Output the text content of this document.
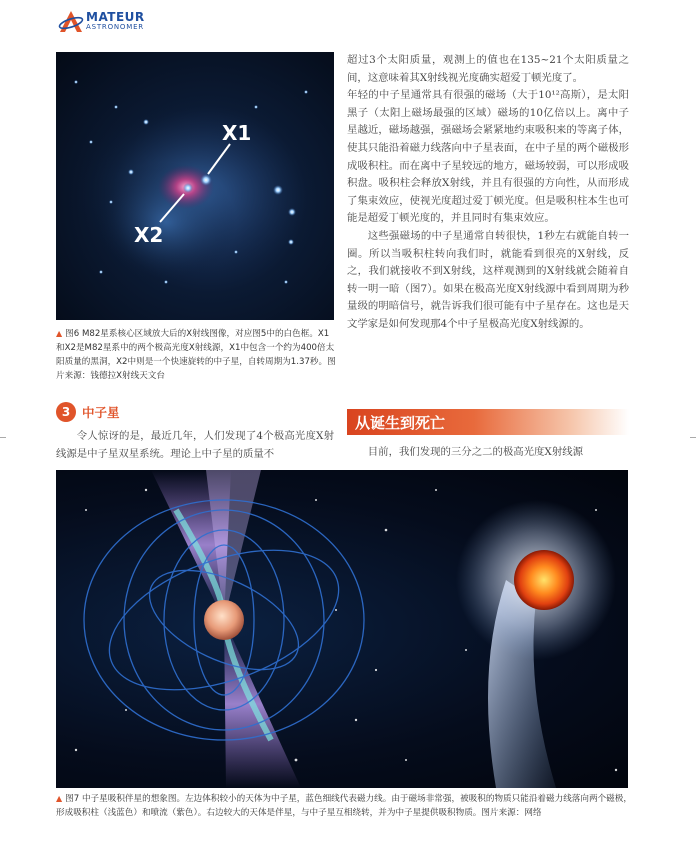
MATEUR
ASTRONOMER
X1
X2
▲ 图6 M82星系核心区域放大后的X射线图像，对应图5中的白色框。X1和X2是M82星系中的两个极高光度X射线源，X1中包含一个约为400倍太阳质量的黑洞，X2中则是一个快速旋转的中子星，自转周期为1.37秒。图片来源：钱德拉X射线天文台

超过3个太阳质量，观测上的值也在135~21个太阳质量之间，这意味着其X射线视光度确实超爱丁顿光度了。

年轻的中子星通常具有很强的磁场（大于10¹²高斯），是太阳黑子（太阳上磁场最强的区域）磁场的10亿倍以上。离中子星越近，磁场越强，强磁场会紧紧地约束吸积来的等离子体，使其只能沿着磁力线落向中子星表面，在中子星的两个磁极形成吸积柱。而在离中子星较远的地方，磁场较弱，可以形成吸积盘。吸积柱会释放X射线，并且有很强的方向性，从而形成了集束效应，使视光度超过爱丁顿光度。但是吸积柱本生也可能是超爱丁顿光度的，并且同时有集束效应。

这些强磁场的中子星通常自转很快，1秒左右就能自转一圈。所以当吸积柱转向我们时，就能看到很亮的X射线，反之，我们就接收不到X射线，这样观测到的X射线就会随着自转一明一暗（图7）。如果在极高光度X射线源中看到周期为秒量级的明暗信号，就告诉我们很可能有中子星存在。这也是天文学家是如何发现那4个中子星极高光度X射线源的。

3 中子星

令人惊讶的是，最近几年，人们发现了4个极高光度X射线源是中子星双星系统。理论上中子星的质量不

从诞生到死亡

目前，我们发现的三分之二的极高光度X射线源

▲ 图7 中子星吸积伴星的想象图。左边体积较小的天体为中子星，蓝色细线代表磁力线。由于磁场非常强，被吸积的物质只能沿着磁力线落向两个磁极，形成吸积柱（浅蓝色）和喷流（紫色）。右边较大的天体是伴星，与中子星互相绕转，并为中子星提供吸积物质。图片来源：网络
